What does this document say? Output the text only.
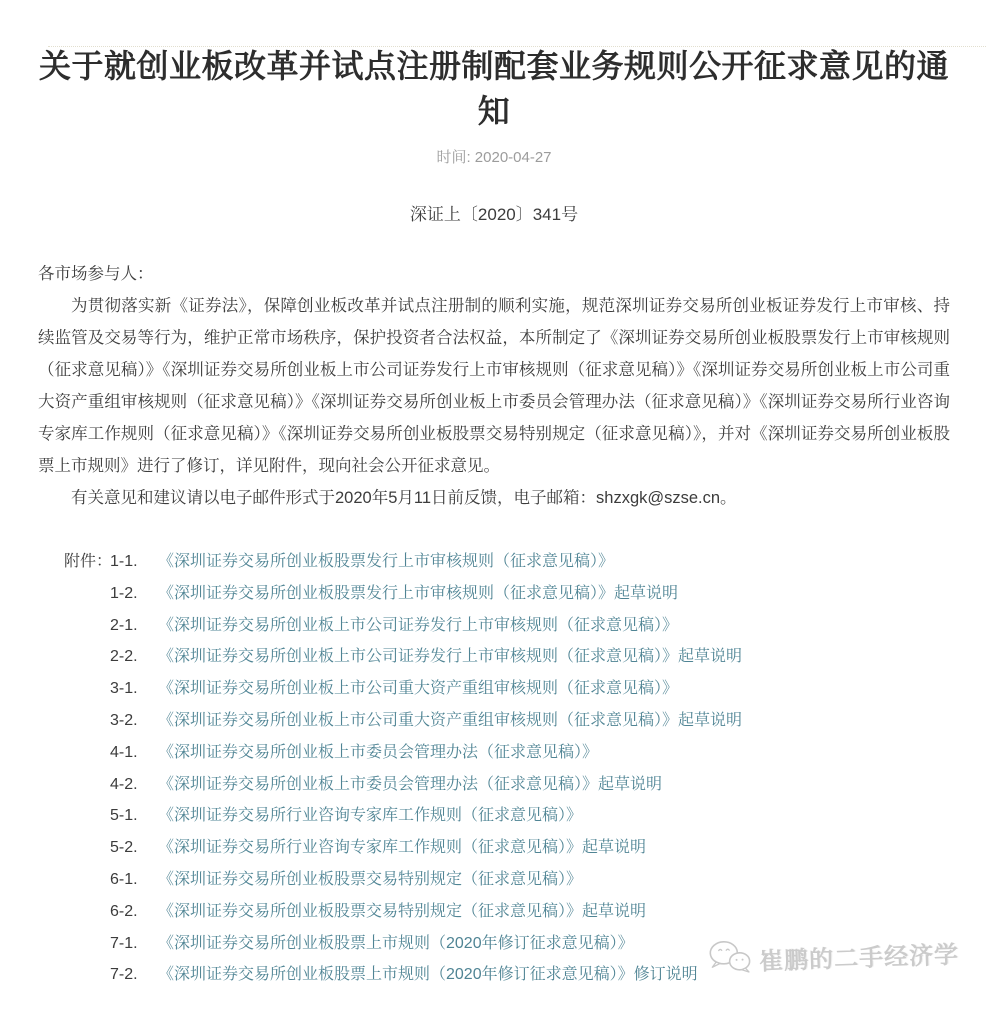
关于就创业板改革并试点注册制配套业务规则公开征求意见的通知
时间: 2020-04-27
深证上〔2020〕341号

各市场参与人：

为贯彻落实新《证券法》，保障创业板改革并试点注册制的顺利实施，规范深圳证券交易所创业板证券发行上市审核、持续监管及交易等行为，维护正常市场秩序，保护投资者合法权益，本所制定了《深圳证券交易所创业板股票发行上市审核规则（征求意见稿）》《深圳证券交易所创业板上市公司证券发行上市审核规则（征求意见稿）》《深圳证券交易所创业板上市公司重大资产重组审核规则（征求意见稿）》《深圳证券交易所创业板上市委员会管理办法（征求意见稿）》《深圳证券交易所行业咨询专家库工作规则（征求意见稿）》《深圳证券交易所创业板股票交易特别规定（征求意见稿）》，并对《深圳证券交易所创业板股票上市规则》进行了修订，详见附件，现向社会公开征求意见。

有关意见和建议请以电子邮件形式于2020年5月11日前反馈，电子邮箱：shzxgk@szse.cn。

附件：
1-1.	《深圳证券交易所创业板股票发行上市审核规则（征求意见稿）》
1-2.	《深圳证券交易所创业板股票发行上市审核规则（征求意见稿）》起草说明
2-1.	《深圳证券交易所创业板上市公司证券发行上市审核规则（征求意见稿）》
2-2.	《深圳证券交易所创业板上市公司证券发行上市审核规则（征求意见稿）》起草说明
3-1.	《深圳证券交易所创业板上市公司重大资产重组审核规则（征求意见稿）》
3-2.	《深圳证券交易所创业板上市公司重大资产重组审核规则（征求意见稿）》起草说明
4-1.	《深圳证券交易所创业板上市委员会管理办法（征求意见稿）》
4-2.	《深圳证券交易所创业板上市委员会管理办法（征求意见稿）》起草说明
5-1.	《深圳证券交易所行业咨询专家库工作规则（征求意见稿）》
5-2.	《深圳证券交易所行业咨询专家库工作规则（征求意见稿）》起草说明
6-1.	《深圳证券交易所创业板股票交易特别规定（征求意见稿）》
6-2.	《深圳证券交易所创业板股票交易特别规定（征求意见稿）》起草说明
7-1.	《深圳证券交易所创业板股票上市规则（2020年修订征求意见稿）》
7-2.	《深圳证券交易所创业板股票上市规则（2020年修订征求意见稿）》修订说明	崔鹏的二手经济学
